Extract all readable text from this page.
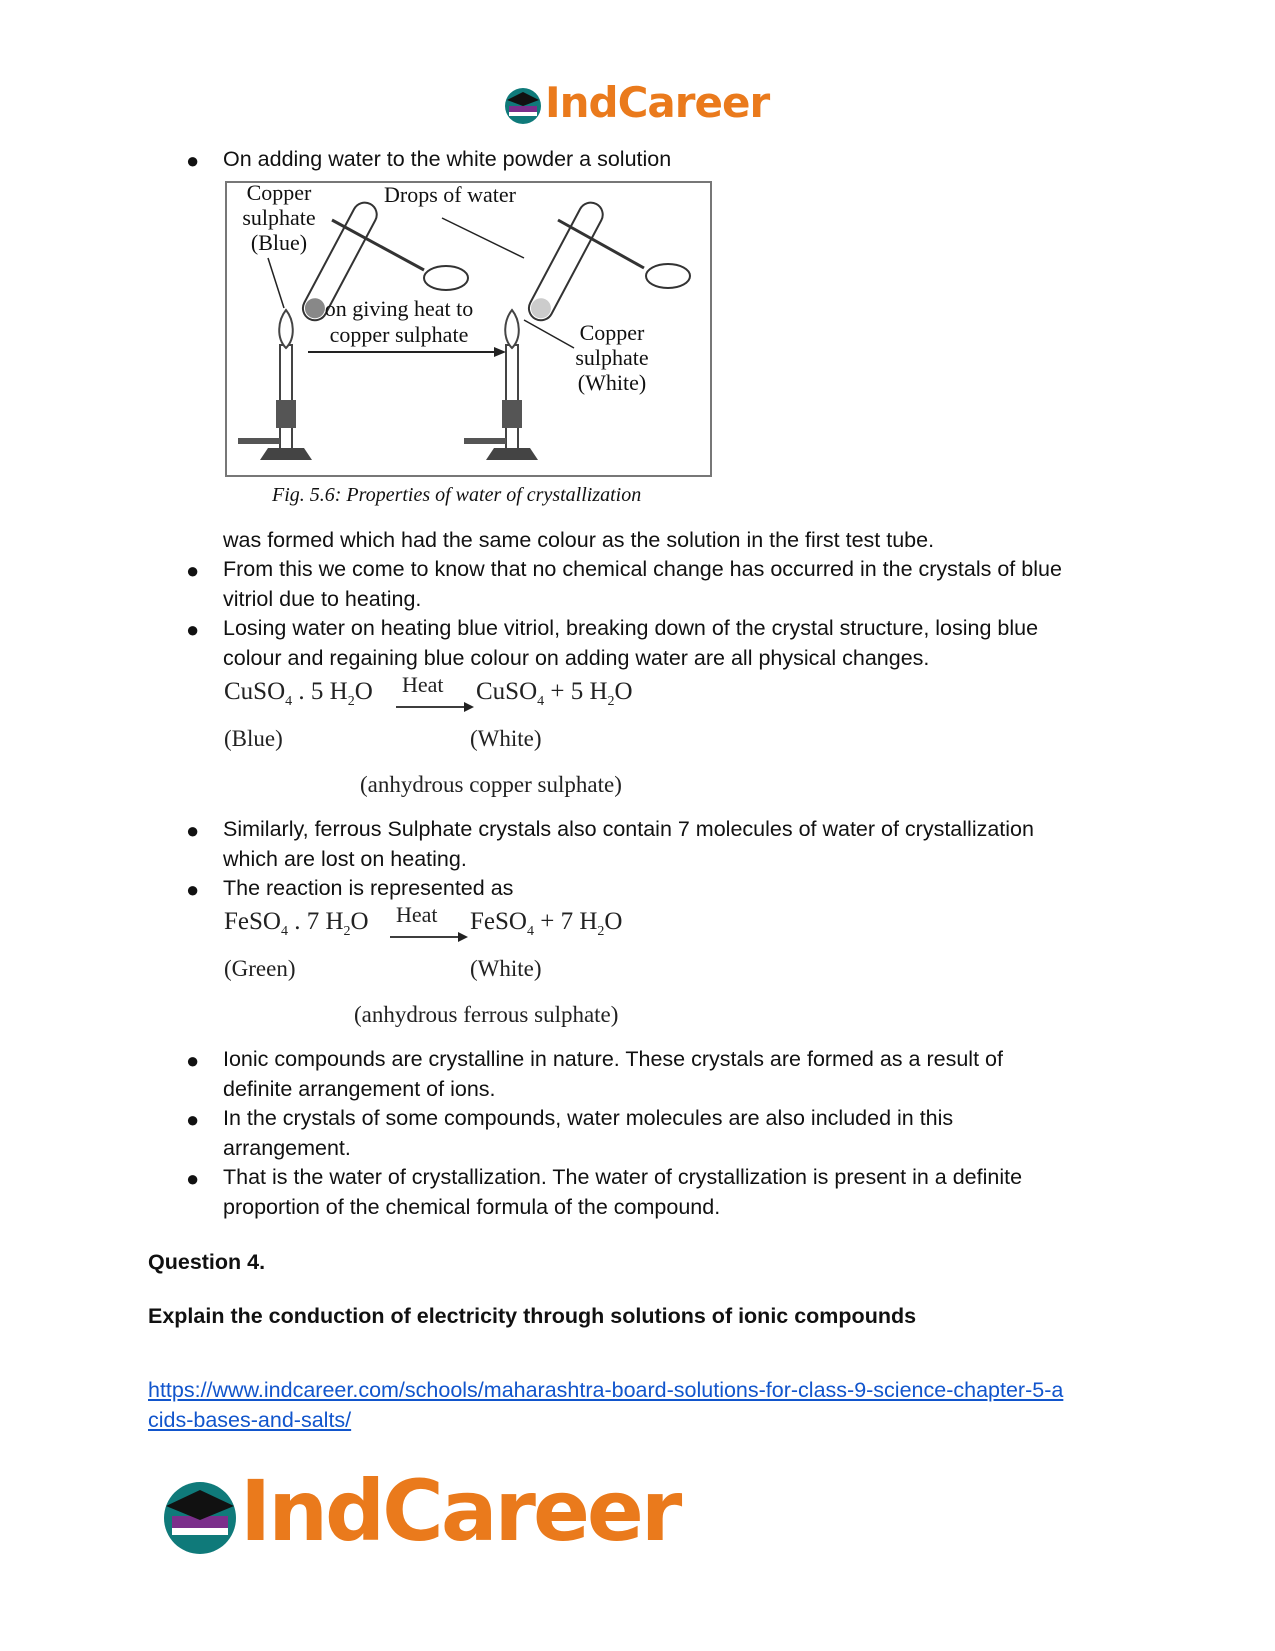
IndCareer
● On adding water to the white powder a solution
Copper
sulphate
(Blue)
Drops of water
on giving heat to
copper sulphate	Copper
sulphate
(White)
Fig. 5.6: Properties of water of crystallization
was formed which had the same colour as the solution in the first test tube.
● From this we come to know that no chemical change has occurred in the crystals of blue
vitriol due to heating.
● Losing water on heating blue vitriol, breaking down of the crystal structure, losing blue
colour and regaining blue colour on adding water are all physical changes.
CuSO$_4$ . 5 $H_2O$ Heat CuSO$_4$ + 5 $H_2O$
(Blue)	(White)
(anhydrous copper sulphate)
● Similarly, ferrous Sulphate crystals also contain 7 molecules of water of crystallization
which are lost on heating.
● The reaction is represented as
FeSO$_4$ . 7 $H_2O$ Heat FeSO$_4$ + 7 $H_2O$
(Green)	(White)
(anhydrous ferrous sulphate)
● Ionic compounds are crystalline in nature. These crystals are formed as a result of
definite arrangement of ions.
● In the crystals of some compounds, water molecules are also included in this
arrangement.
● That is the water of crystallization. The water of crystallization is present in a definite
proportion of the chemical formula of the compound.
Question 4.
Explain the conduction of electricity through solutions of ionic compounds
https://www.indcareer.com/schools/maharashtra-board-solutions-for-class-9-science-chapter-5-a
cids-bases-and-salts/
IndCareer
